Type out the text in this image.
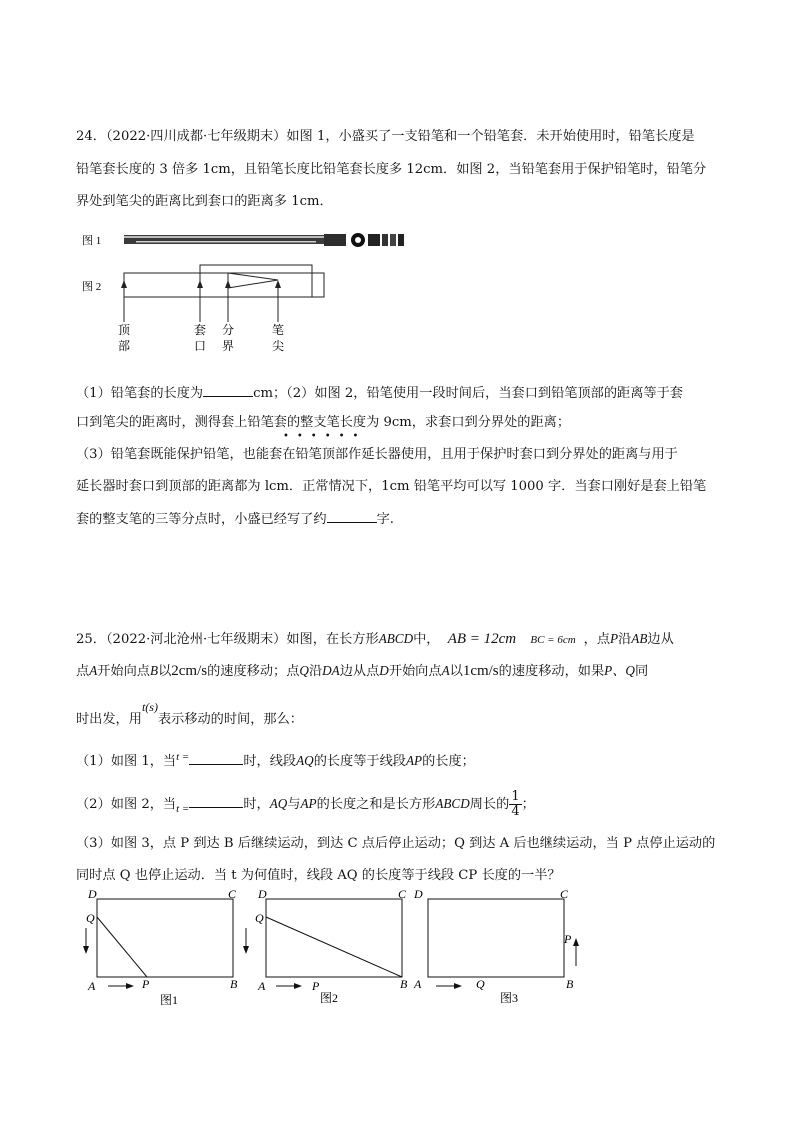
24．（2022·四川成都·七年级期末）如图 1，小盛买了一支铅笔和一个铅笔套．未开始使用时，铅笔长度是
铅笔套长度的 3 倍多 1cm，且铅笔长度比铅笔套长度多 12cm．如图 2，当铅笔套用于保护铅笔时，铅笔分
界处到笔尖的距离比到套口的距离多 1cm．
图 1
图 2
顶
部
套
口
分
界
笔
尖
（1）铅笔套的长度为	cm；（2）如图 2，铅笔使用一段时间后，当套口到铅笔顶部的距离等于套
口到笔尖的距离时，测得套上铅笔套的整支笔长度为 9cm，求套口到分界处的距离；
••••••
（3）铅笔套既能保护铅笔，也能套在铅笔顶部作延长器使用，且用于保护时套口到分界处的距离与用于
延长器时套口到顶部的距离都为 lcm．正常情况下，1cm 铅笔平均可以写 1000 字．当套口刚好是套上铅笔
套的整支笔的三等分点时，小盛已经写了约	字.
25．（2022·河北沧州·七年级期末）如图，在长方形ABCD中， AB = 12cm BC = 6cm ，点P沿AB边从
点A开始向点B以2cm/s的速度移动；点Q沿DA边从点D开始向点A以1cm/s的速度移动，如果P、Q同
时出发，用t(s)表示移动的时间，那么：
（1）如图 1，当$^{t =}$	时，线段AQ的长度等于线段AP的长度；
（2）如图 2，当$_{t =}$	时，AQ与AP的长度之和是长方形ABCD周长的 $\frac{1}{4}$ ；
（3）如图 3，点 P 到达 B 后继续运动，到达 C 点后停止运动；Q 到达 A 后也继续运动，当 P 点停止运动的
同时点 Q 也停止运动．当 t 为何值时，线段 AQ 的长度等于线段 CP 长度的一半？
D	C
Q
A	B
P
图1
D	C
Q
A	B
P
图2
D	C
A	B
Q
P
图3
